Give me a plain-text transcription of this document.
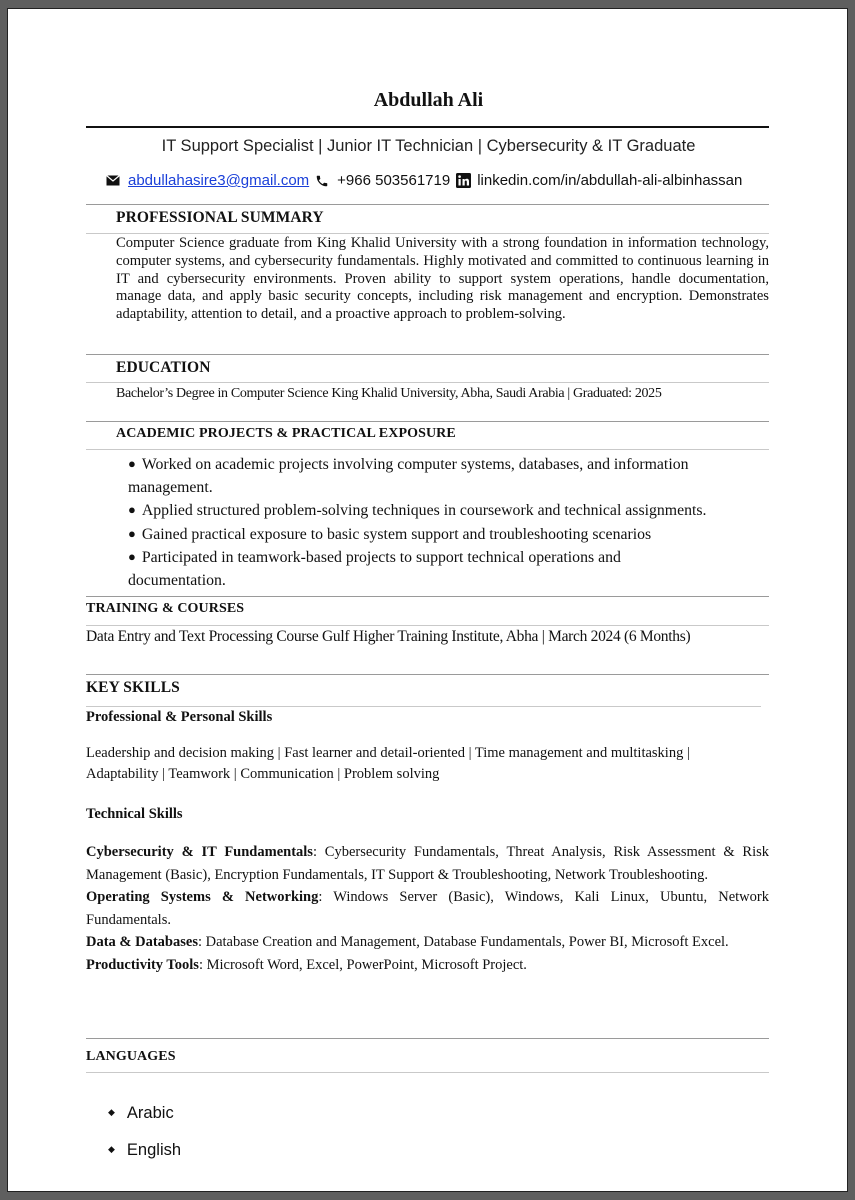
Abdullah Ali
IT Support Specialist | Junior IT Technician | Cybersecurity & IT Graduate
abdullahasire3@gmail.com +966 503561719 linkedin.com/in/abdullah-ali-albinhassan
PROFESSIONAL SUMMARY
Computer Science graduate from King Khalid University with a strong foundation in information technology, computer systems, and cybersecurity fundamentals. Highly motivated and committed to continuous learning in IT and cybersecurity environments. Proven ability to support system operations, handle documentation, manage data, and apply basic security concepts, including risk management and encryption. Demonstrates adaptability, attention to detail, and a proactive approach to problem-solving.
EDUCATION
Bachelor’s Degree in Computer Science King Khalid University, Abha, Saudi Arabia | Graduated: 2025
ACADEMIC PROJECTS & PRACTICAL EXPOSURE
● Worked on academic projects involving computer systems, databases, and information management.
● Applied structured problem-solving techniques in coursework and technical assignments.
● Gained practical exposure to basic system support and troubleshooting scenarios
● Participated in teamwork-based projects to support technical operations and documentation.
TRAINING & COURSES
Data Entry and Text Processing Course Gulf Higher Training Institute, Abha | March 2024 (6 Months)
KEY SKILLS
Professional & Personal Skills
Leadership and decision making | Fast learner and detail-oriented | Time management and multitasking |
Adaptability | Teamwork | Communication | Problem solving
Technical Skills

Cybersecurity & IT Fundamentals: Cybersecurity Fundamentals, Threat Analysis, Risk Assessment & Risk Management (Basic), Encryption Fundamentals, IT Support & Troubleshooting, Network Troubleshooting.

Operating Systems & Networking: Windows Server (Basic), Windows, Kali Linux, Ubuntu, Network Fundamentals.

Data & Databases: Database Creation and Management, Database Fundamentals, Power BI, Microsoft Excel.

Productivity Tools: Microsoft Word, Excel, PowerPoint, Microsoft Project.

LANGUAGES
◆ Arabic
◆ English
